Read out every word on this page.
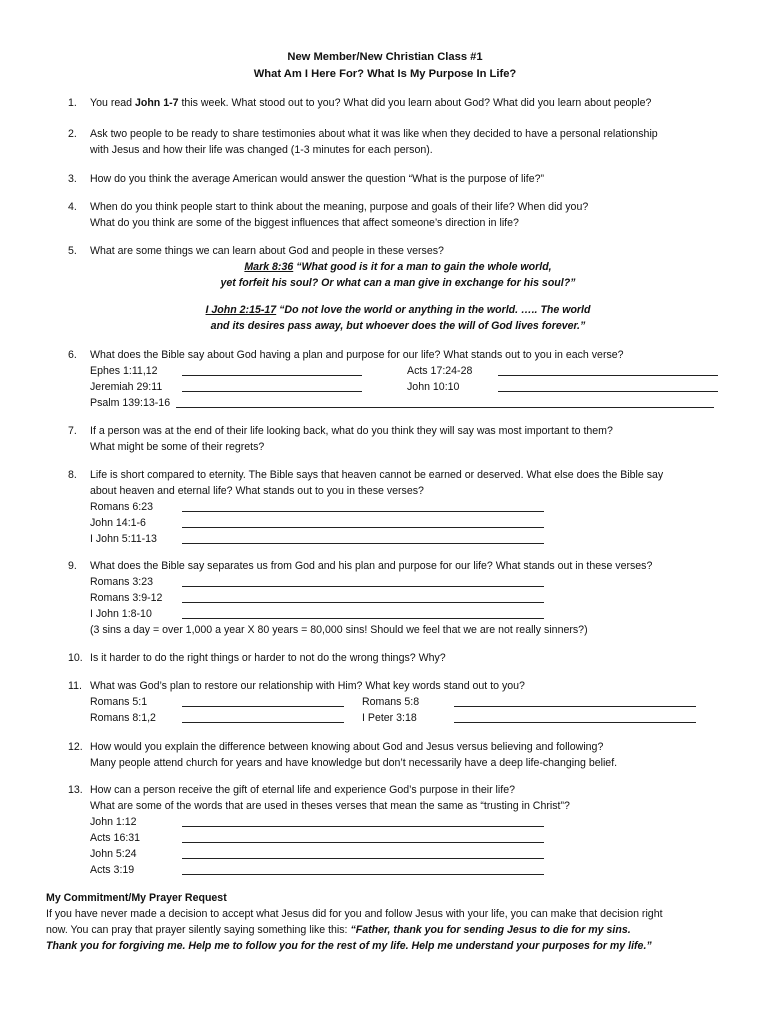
New Member/New Christian Class #1
What Am I Here For? What Is My Purpose In Life?
1. You read John 1-7 this week. What stood out to you? What did you learn about God? What did you learn about people?
2. Ask two people to be ready to share testimonies about what it was like when they decided to have a personal relationship
with Jesus and how their life was changed (1-3 minutes for each person).
3. How do you think the average American would answer the question “What is the purpose of life?”
4. When do you think people start to think about the meaning, purpose and goals of their life? When did you?
What do you think are some of the biggest influences that affect someone’s direction in life?
5. What are some things we can learn about God and people in these verses?
Mark 8:36 “What good is it for a man to gain the whole world,
yet forfeit his soul? Or what can a man give in exchange for his soul?”
I John 2:15-17 “Do not love the world or anything in the world. ….. The world
and its desires pass away, but whoever does the will of God lives forever.”
6. What does the Bible say about God having a plan and purpose for our life? What stands out to you in each verse?
Ephes 1:11,12	Acts 17:24-28
Jeremiah 29:11	John 10:10
Psalm 139:13-16
7. If a person was at the end of their life looking back, what do you think they will say was most important to them?
What might be some of their regrets?
8. Life is short compared to eternity. The Bible says that heaven cannot be earned or deserved. What else does the Bible say
about heaven and eternal life? What stands out to you in these verses?
Romans 6:23
John 14:1-6
I John 5:11-13
9. What does the Bible say separates us from God and his plan and purpose for our life? What stands out in these verses?
Romans 3:23
Romans 3:9-12
I John 1:8-10
(3 sins a day = over 1,000 a year X 80 years = 80,000 sins! Should we feel that we are not really sinners?)
10. Is it harder to do the right things or harder to not do the wrong things? Why?
11. What was God’s plan to restore our relationship with Him? What key words stand out to you?
Romans 5:1	Romans 5:8
Romans 8:1,2	I Peter 3:18
12. How would you explain the difference between knowing about God and Jesus versus believing and following?
Many people attend church for years and have knowledge but don’t necessarily have a deep life-changing belief.
13. How can a person receive the gift of eternal life and experience God’s purpose in their life?
What are some of the words that are used in theses verses that mean the same as “trusting in Christ”?
John 1:12
Acts 16:31
John 5:24
Acts 3:19
My Commitment/My Prayer Request
If you have never made a decision to accept what Jesus did for you and follow Jesus with your life, you can make that decision right
now. You can pray that prayer silently saying something like this: “Father, thank you for sending Jesus to die for my sins.
Thank you for forgiving me. Help me to follow you for the rest of my life. Help me understand your purposes for my life.”
